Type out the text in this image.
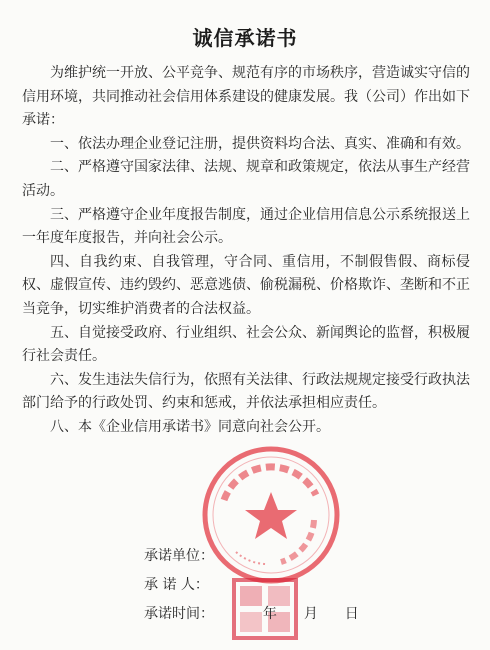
诚信承诺书

为维护统一开放、公平竞争、规范有序的市场秩序，营造诚实守信的信用环境，共同推动社会信用体系建设的健康发展。我（公司）作出如下承诺：

一、依法办理企业登记注册，提供资料均合法、真实、准确和有效。

二、严格遵守国家法律、法规、规章和政策规定，依法从事生产经营活动。

三、严格遵守企业年度报告制度，通过企业信用信息公示系统报送上一年度年度报告，并向社会公示。

四、自我约束、自我管理，守合同、重信用，不制假售假、商标侵权、虚假宣传、违约毁约、恶意逃债、偷税漏税、价格欺诈、垄断和不正当竞争，切实维护消费者的合法权益。

五、自觉接受政府、行业组织、社会公众、新闻舆论的监督，积极履行社会责任。

六、发生违法失信行为，依照有关法律、行政法规规定接受行政执法部门给予的行政处罚、约束和惩戒，并依法承担相应责任。

八、本《企业信用承诺书》同意向社会公开。

承诺单位：
承 诺 人：
承诺时间：	年 月 日
